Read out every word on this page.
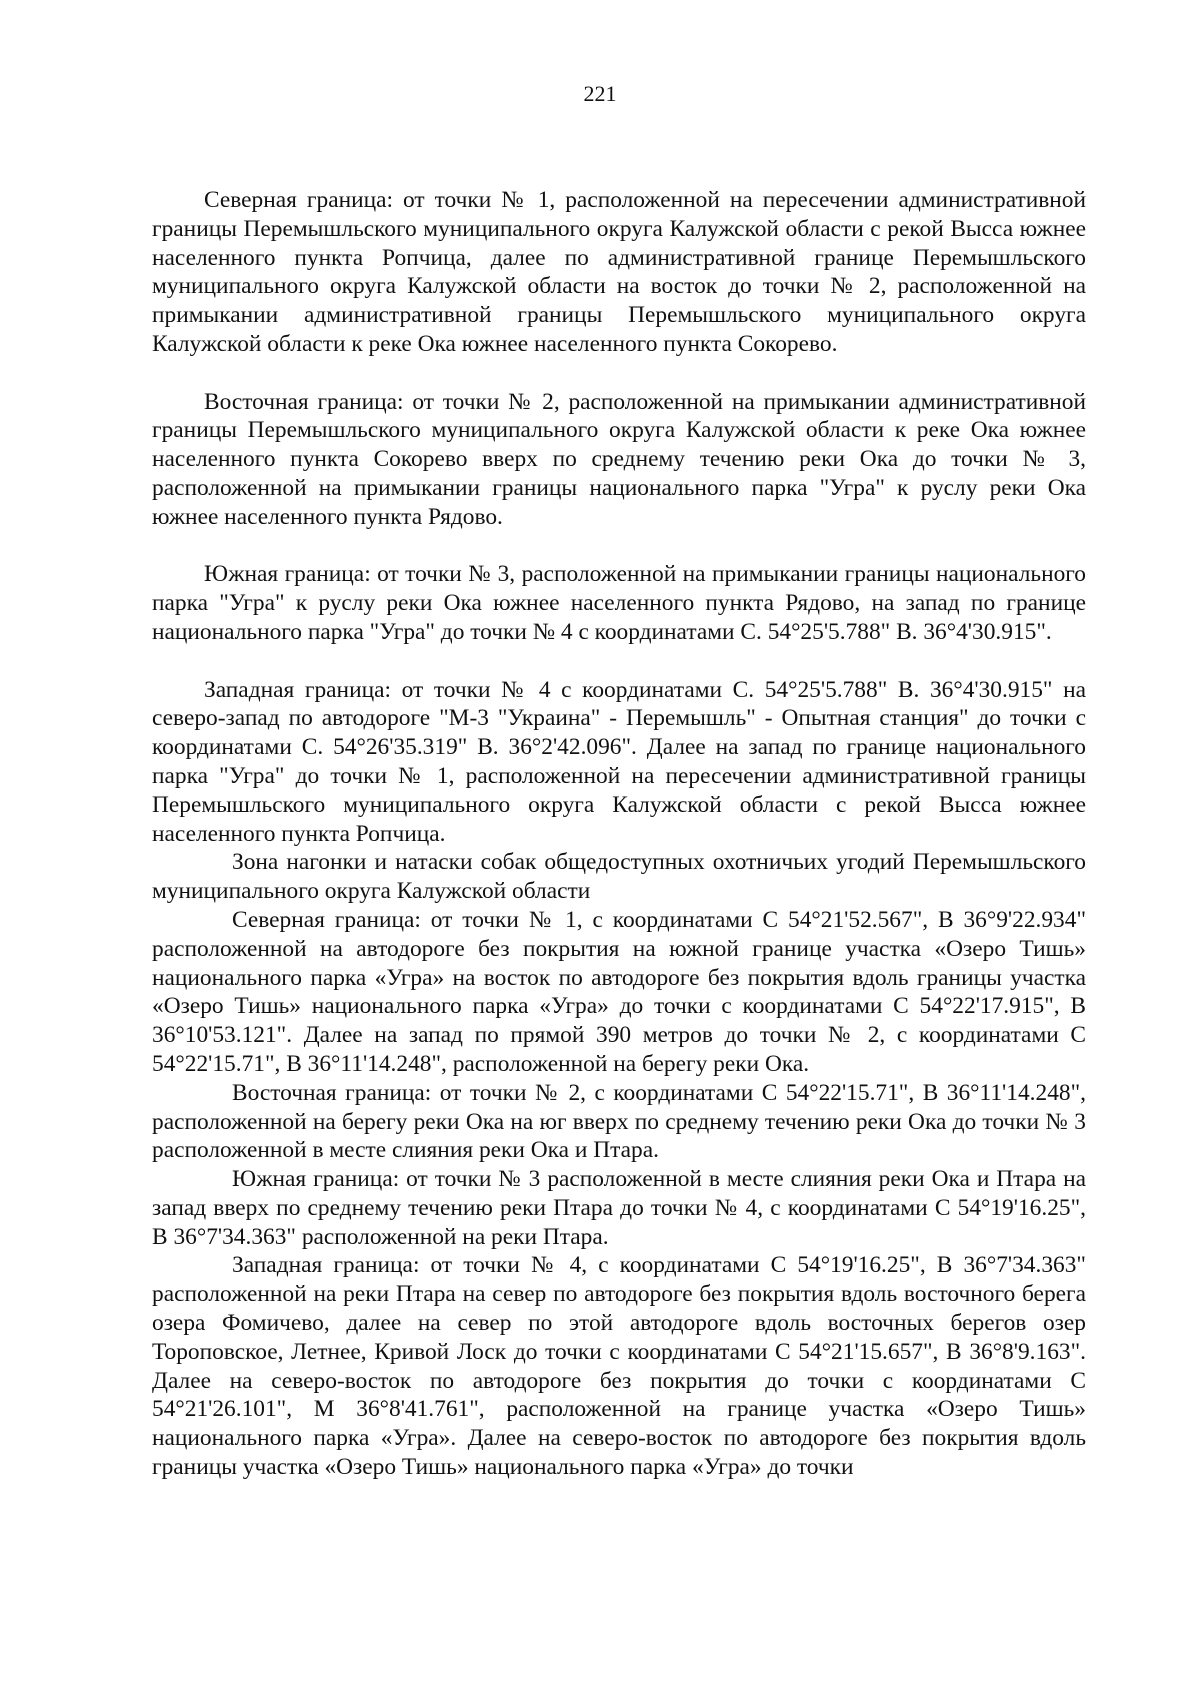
221

Северная граница: от точки № 1, расположенной на пересечении административной границы Перемышльского муниципального округа Калужской области с рекой Высса южнее населенного пункта Ропчица, далее по административной границе Перемышльского муниципального округа Калужской области на восток до точки № 2, расположенной на примыкании административной границы Перемышльского муниципального округа Калужской области к реке Ока южнее населенного пункта Сокорево.

Восточная граница: от точки № 2, расположенной на примыкании административной границы Перемышльского муниципального округа Калужской области к реке Ока южнее населенного пункта Сокорево вверх по среднему течению реки Ока до точки № 3, расположенной на примыкании границы национального парка "Угра" к руслу реки Ока южнее населенного пункта Рядово.

Южная граница: от точки № 3, расположенной на примыкании границы национального парка "Угра" к руслу реки Ока южнее населенного пункта Рядово, на запад по границе национального парка "Угра" до точки № 4 с координатами С. 54°25'5.788" В. 36°4'30.915".

Западная граница: от точки № 4 с координатами С. 54°25'5.788" В. 36°4'30.915" на северо-запад по автодороге "М-3 "Украина" - Перемышль" - Опытная станция" до точки с координатами С. 54°26'35.319" В. 36°2'42.096". Далее на запад по границе национального парка "Угра" до точки № 1, расположенной на пересечении административной границы Перемышльского муниципального округа Калужской области с рекой Высса южнее населенного пункта Ропчица.

Зона нагонки и натаски собак общедоступных охотничьих угодий Перемышльского муниципального округа Калужской области

Северная граница: от точки № 1, с координатами С 54°21'52.567", В 36°9'22.934" расположенной на автодороге без покрытия на южной границе участка «Озеро Тишь» национального парка «Угра» на восток по автодороге без покрытия вдоль границы участка «Озеро Тишь» национального парка «Угра» до точки с координатами С 54°22'17.915", В 36°10'53.121". Далее на запад по прямой 390 метров до точки № 2, с координатами С 54°22'15.71", В 36°11'14.248", расположенной на берегу реки Ока.

Восточная граница: от точки № 2, с координатами С 54°22'15.71", В 36°11'14.248", расположенной на берегу реки Ока на юг вверх по среднему течению реки Ока до точки № 3 расположенной в месте слияния реки Ока и Птара.

Южная граница: от точки № 3 расположенной в месте слияния реки Ока и Птара на запад вверх по среднему течению реки Птара до точки № 4, с координатами С 54°19'16.25", В 36°7'34.363" расположенной на реки Птара.

Западная граница: от точки № 4, с координатами С 54°19'16.25", В 36°7'34.363" расположенной на реки Птара на север по автодороге без покрытия вдоль восточного берега озера Фомичево, далее на север по этой автодороге вдоль восточных берегов озер Тороповское, Летнее, Кривой Лоск до точки с координатами С 54°21'15.657", В 36°8'9.163". Далее на северо-восток по автодороге без покрытия до точки с координатами С 54°21'26.101", М 36°8'41.761", расположенной на границе участка «Озеро Тишь» национального парка «Угра». Далее на северо-восток по автодороге без покрытия вдоль границы участка «Озеро Тишь» национального парка «Угра» до точки
